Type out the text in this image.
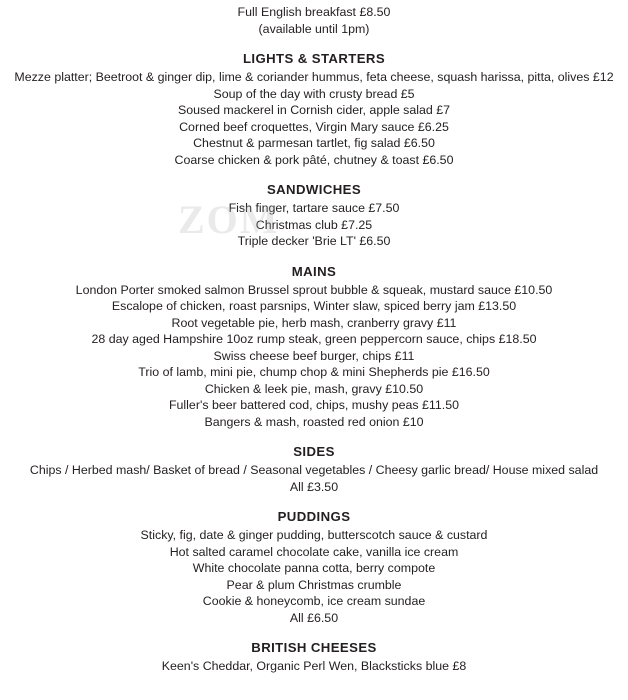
Full English breakfast £8.50
(available until 1pm)
LIGHTS & STARTERS
Mezze platter; Beetroot & ginger dip, lime & coriander hummus, feta cheese, squash harissa, pitta, olives £12
Soup of the day with crusty bread £5
Soused mackerel in Cornish cider, apple salad £7
Corned beef croquettes, Virgin Mary sauce £6.25
Chestnut & parmesan tartlet, fig salad £6.50
Coarse chicken & pork pâté, chutney & toast £6.50
SANDWICHES
Fish finger, tartare sauce £7.50
Christmas club £7.25
Triple decker 'Brie LT' £6.50
MAINS
London Porter smoked salmon Brussel sprout bubble & squeak, mustard sauce £10.50
Escalope of chicken, roast parsnips, Winter slaw, spiced berry jam £13.50
Root vegetable pie, herb mash, cranberry gravy £11
28 day aged Hampshire 10oz rump steak, green peppercorn sauce, chips £18.50
Swiss cheese beef burger, chips £11
Trio of lamb, mini pie, chump chop & mini Shepherds pie £16.50
Chicken & leek pie, mash, gravy £10.50
Fuller's beer battered cod, chips, mushy peas £11.50
Bangers & mash, roasted red onion £10
SIDES
Chips / Herbed mash/ Basket of bread / Seasonal vegetables / Cheesy garlic bread/ House mixed salad
All £3.50
PUDDINGS
Sticky, fig, date & ginger pudding, butterscotch sauce & custard
Hot salted caramel chocolate cake, vanilla ice cream
White chocolate panna cotta, berry compote
Pear & plum Christmas crumble
Cookie & honeycomb, ice cream sundae
All £6.50
BRITISH CHEESES
Keen's Cheddar, Organic Perl Wen, Blacksticks blue £8
ZOM
